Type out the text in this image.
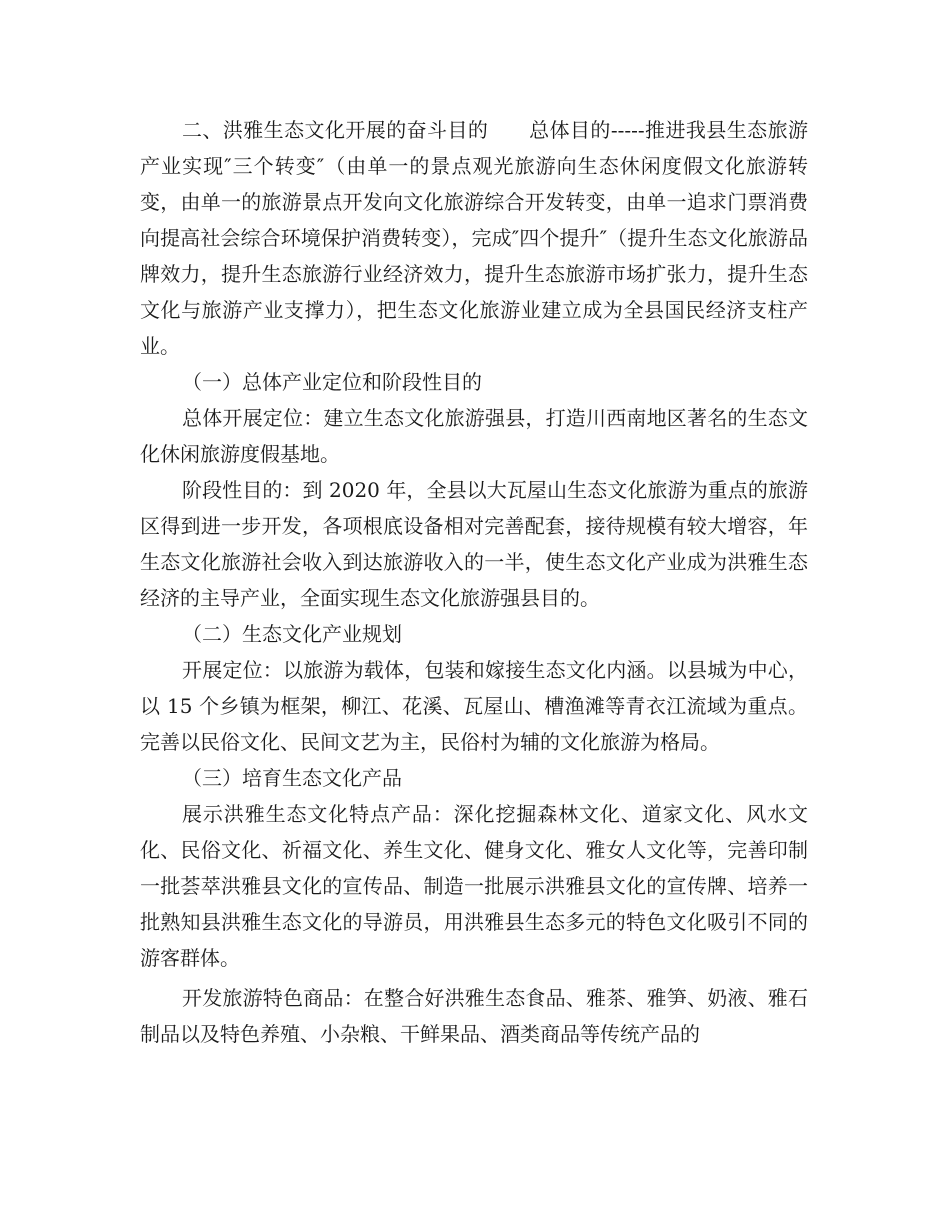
二、洪雅生态文化开展的奋斗目的　　总体目的-----推进我县生态旅游产业实现″三个转变″（由单一的景点观光旅游向生态休闲度假文化旅游转变，由单一的旅游景点开发向文化旅游综合开发转变，由单一追求门票消费向提高社会综合环境保护消费转变），完成″四个提升″（提升生态文化旅游品牌效力，提升生态旅游行业经济效力，提升生态旅游市场扩张力，提升生态文化与旅游产业支撑力），把生态文化旅游业建立成为全县国民经济支柱产业。

（一）总体产业定位和阶段性目的

总体开展定位：建立生态文化旅游强县，打造川西南地区著名的生态文化休闲旅游度假基地。

阶段性目的：到 2020 年，全县以大瓦屋山生态文化旅游为重点的旅游区得到进一步开发，各项根底设备相对完善配套，接待规模有较大增容，年生态文化旅游社会收入到达旅游收入的一半，使生态文化产业成为洪雅生态经济的主导产业，全面实现生态文化旅游强县目的。

（二）生态文化产业规划

开展定位：以旅游为载体，包装和嫁接生态文化内涵。以县城为中心，以 15 个乡镇为框架，柳江、花溪、瓦屋山、槽渔滩等青衣江流域为重点。完善以民俗文化、民间文艺为主，民俗村为辅的文化旅游为格局。

（三）培育生态文化产品

展示洪雅生态文化特点产品：深化挖掘森林文化、道家文化、风水文化、民俗文化、祈福文化、养生文化、健身文化、雅女人文化等，完善印制一批荟萃洪雅县文化的宣传品、制造一批展示洪雅县文化的宣传牌、培养一批熟知县洪雅生态文化的导游员，用洪雅县生态多元的特色文化吸引不同的游客群体。

开发旅游特色商品：在整合好洪雅生态食品、雅茶、雅笋、奶液、雅石制品以及特色养殖、小杂粮、干鲜果品、酒类商品等传统产品的
